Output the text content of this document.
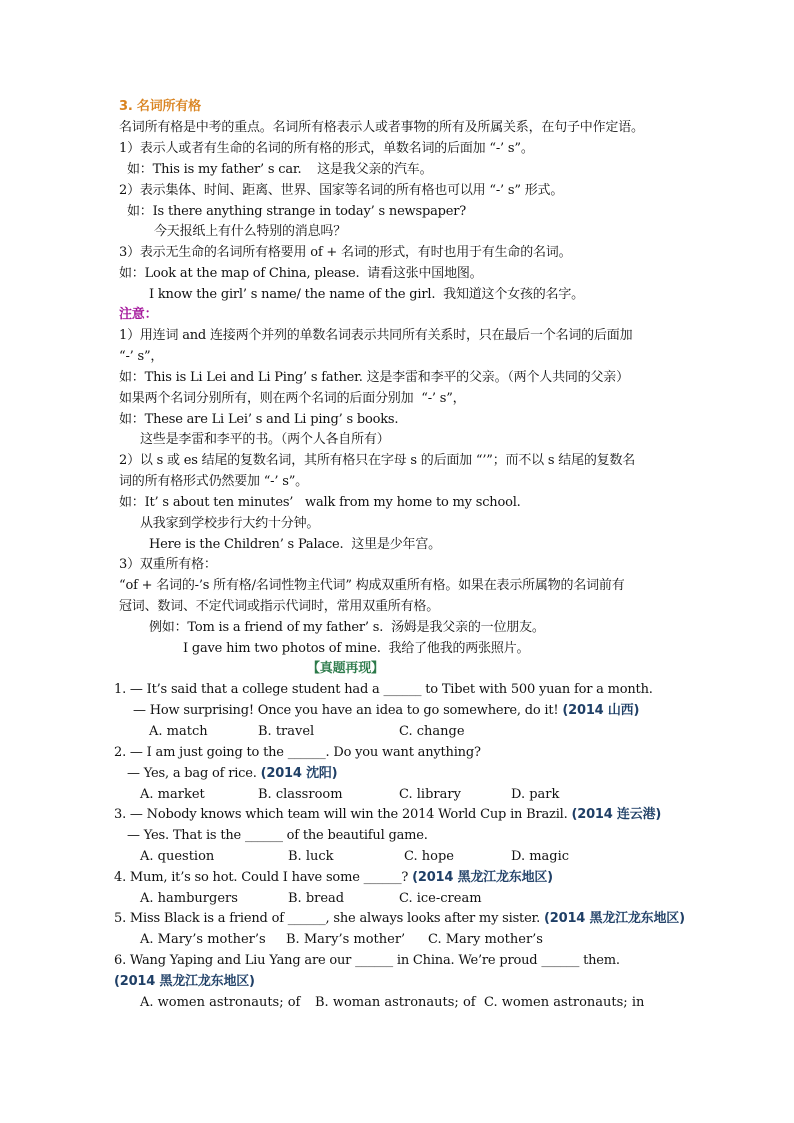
3. 名词所有格
名词所有格是中考的重点。名词所有格表示人或者事物的所有及所属关系，在句子中作定语。
1）表示人或者有生命的名词的所有格的形式，单数名词的后面加 “-’ s”。
如：This is my father’ s car.    这是我父亲的汽车。
2）表示集体、时间、距离、世界、国家等名词的所有格也可以用 “-’ s” 形式。
如：Is there anything strange in today’ s newspaper?
今天报纸上有什么特别的消息吗？
3）表示无生命的名词所有格要用 of + 名词的形式，有时也用于有生命的名词。
如：Look at the map of China, please.  请看这张中国地图。
I know the girl’ s name/ the name of the girl.  我知道这个女孩的名字。
注意：
1）用连词 and 连接两个并列的单数名词表示共同所有关系时，只在最后一个名词的后面加
“-’ s”，
如：This is Li Lei and Li Ping’ s father. 这是李雷和李平的父亲。（两个人共同的父亲）
如果两个名词分别所有，则在两个名词的后面分别加  “-’ s”，
如：These are Li Lei’ s and Li ping’ s books.
这些是李雷和李平的书。（两个人各自所有）
2）以 s 或 es 结尾的复数名词，其所有格只在字母 s 的后面加 “’”；而不以 s 结尾的复数名
词的所有格形式仍然要加 “-’ s”。
如：It’ s about ten minutes’   walk from my home to my school.
从我家到学校步行大约十分钟。
Here is the Children’ s Palace.  这里是少年宫。
3）双重所有格：
“of + 名词的-’s 所有格/名词性物主代词” 构成双重所有格。如果在表示所属物的名词前有
冠词、数词、不定代词或指示代词时，常用双重所有格。
例如：Tom is a friend of my father’ s.  汤姆是我父亲的一位朋友。
I gave him two photos of mine.  我给了他我的两张照片。
【真题再现】
1. — It’s said that a college student had a ______ to Tibet with 500 yuan for a month.
— How surprising! Once you have an idea to go somewhere, do it! (2014 山西)
A. match	B. travel	C. change
2. — I am just going to the ______. Do you want anything?
— Yes, a bag of rice. (2014 沈阳)
A. market	B. classroom	C. library	D. park
3. — Nobody knows which team will win the 2014 World Cup in Brazil. (2014 连云港)
— Yes. That is the ______ of the beautiful game.
A. question	B. luck	C. hope	D. magic
4. Mum, it’s so hot. Could I have some ______? (2014 黑龙江龙东地区)
A. hamburgers	B. bread	C. ice-cream
5. Miss Black is a friend of ______, she always looks after my sister. (2014 黑龙江龙东地区)
A. Mary’s mother’s B. Mary’s mother’ C. Mary mother’s
6. Wang Yaping and Liu Yang are our ______ in China. We’re proud ______ them.
(2014 黑龙江龙东地区)
A. women astronauts; of B. woman astronauts; of C. women astronauts; in
